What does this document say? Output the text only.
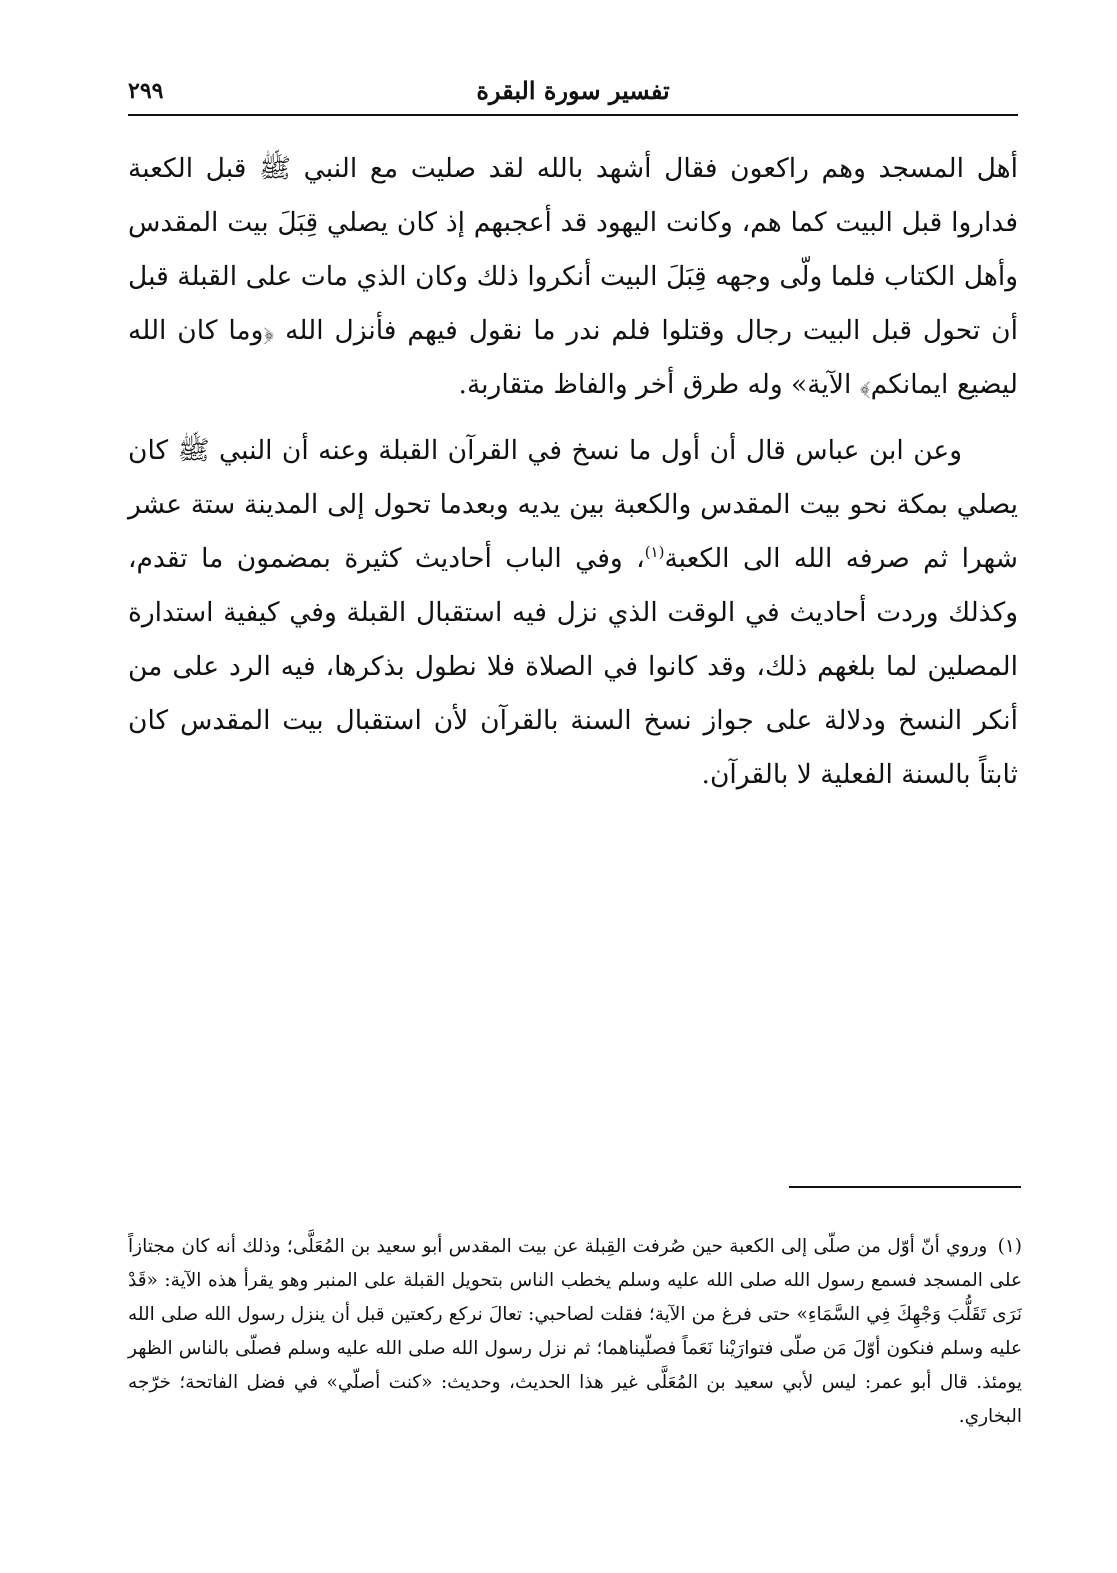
تفسير سورة البقرة
٢٩٩

أهل المسجد وهم راكعون فقال أشهد بالله لقد صليت مع النبي ﷺ قبل الكعبة فداروا قبل البيت كما هم، وكانت اليهود قد أعجبهم إذ كان يصلي قِبَلَ بيت المقدس وأهل الكتاب فلما ولّى وجهه قِبَلَ البيت أنكروا ذلك وكان الذي مات على القبلة قبل أن تحول قبل البيت رجال وقتلوا فلم ندر ما نقول فيهم فأنزل الله ﴿وما كان الله ليضيع ايمانكم﴾ الآية» وله طرق أخر والفاظ متقاربة.

وعن ابن عباس قال أن أول ما نسخ في القرآن القبلة وعنه أن النبي ﷺ كان يصلي بمكة نحو بيت المقدس والكعبة بين يديه وبعدما تحول إلى المدينة ستة عشر شهرا ثم صرفه الله الى الكعبة$^{(١)}$، وفي الباب أحاديث كثيرة بمضمون ما تقدم، وكذلك وردت أحاديث في الوقت الذي نزل فيه استقبال القبلة وفي كيفية استدارة المصلين لما بلغهم ذلك، وقد كانوا في الصلاة فلا نطول بذكرها، فيه الرد على من أنكر النسخ ودلالة على جواز نسخ السنة بالقرآن لأن استقبال بيت المقدس كان ثابتاً بالسنة الفعلية لا بالقرآن.

(١) وروي أنّ أوّل من صلّى إلى الكعبة حين صُرفت القِبلة عن بيت المقدس أبو سعيد بن المُعَلَّى؛ وذلك أنه كان مجتازاً على المسجد فسمع رسول الله صلى الله عليه وسلم يخطب الناس بتحويل القبلة على المنبر وهو يقرأ هذه الآية: «قَدْ نَرَى تَقَلُّبَ وَجْهِكَ فِي السَّمَاءِ» حتى فرغ من الآية؛ فقلت لصاحبي: تعالَ نركع ركعتين قبل أن ينزل رسول الله صلى الله عليه وسلم فنكون أوّلَ مَن صلّى فتوارَيْنا نَعَماً فصلّيناهما؛ ثم نزل رسول الله صلى الله عليه وسلم فصلّى بالناس الظهر يومئذ. قال أبو عمر: ليس لأبي سعيد بن المُعَلَّى غير هذا الحديث، وحديث: «كنت أصلّي» في فضل الفاتحة؛ خرّجه البخاري.
